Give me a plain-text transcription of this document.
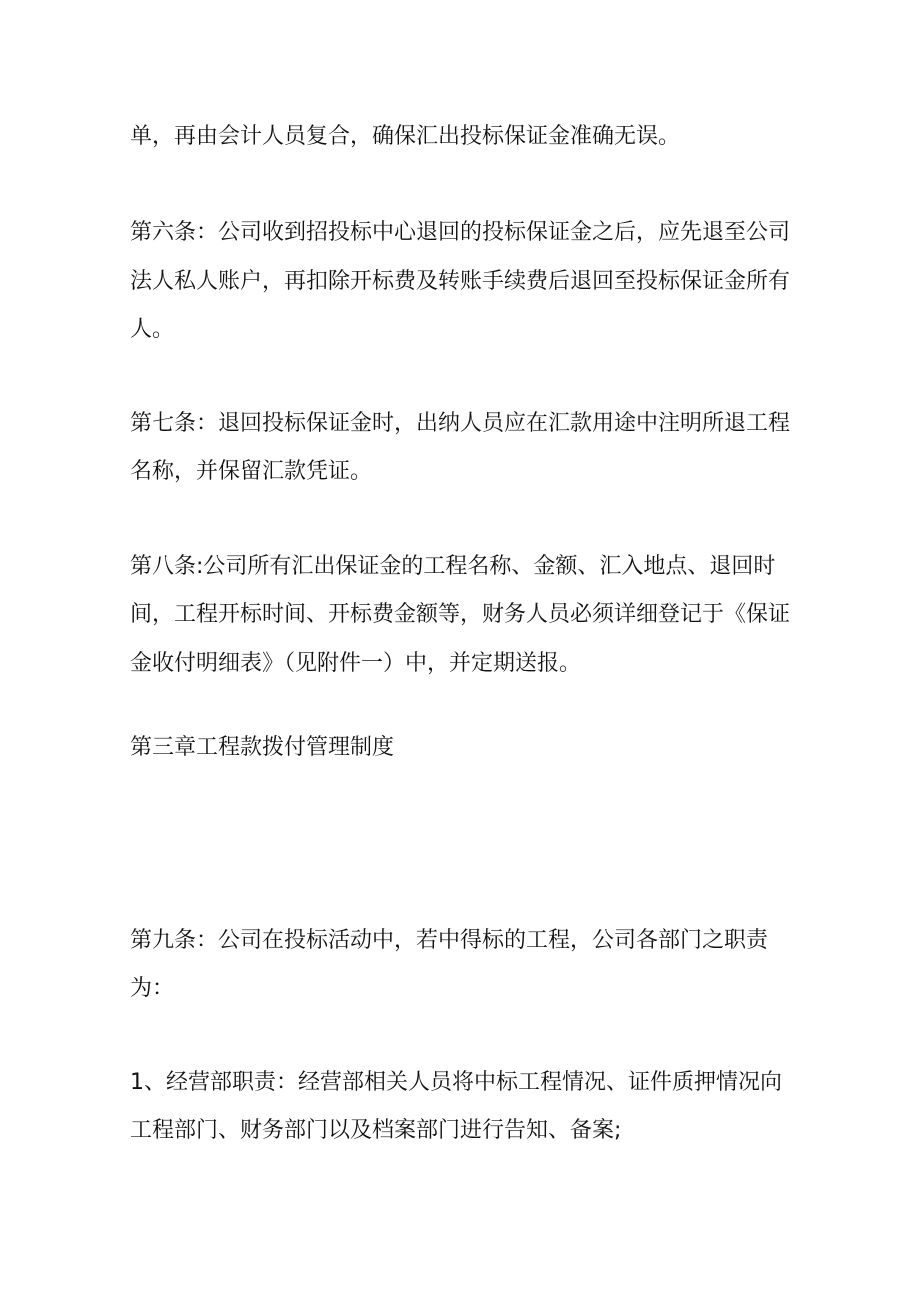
单，再由会计人员复合，确保汇出投标保证金准确无误。
第六条：公司收到招投标中心退回的投标保证金之后，应先退至公司
法人私人账户，再扣除开标费及转账手续费后退回至投标保证金所有
人。
第七条：退回投标保证金时，出纳人员应在汇款用途中注明所退工程
名称，并保留汇款凭证。
第八条:公司所有汇出保证金的工程名称、金额、汇入地点、退回时
间，工程开标时间、开标费金额等，财务人员必须详细登记于《保证
金收付明细表》（见附件一）中，并定期送报。
第三章工程款拨付管理制度
第九条：公司在投标活动中，若中得标的工程，公司各部门之职责
为：
1、经营部职责：经营部相关人员将中标工程情况、证件质押情况向
工程部门、财务部门以及档案部门进行告知、备案;
